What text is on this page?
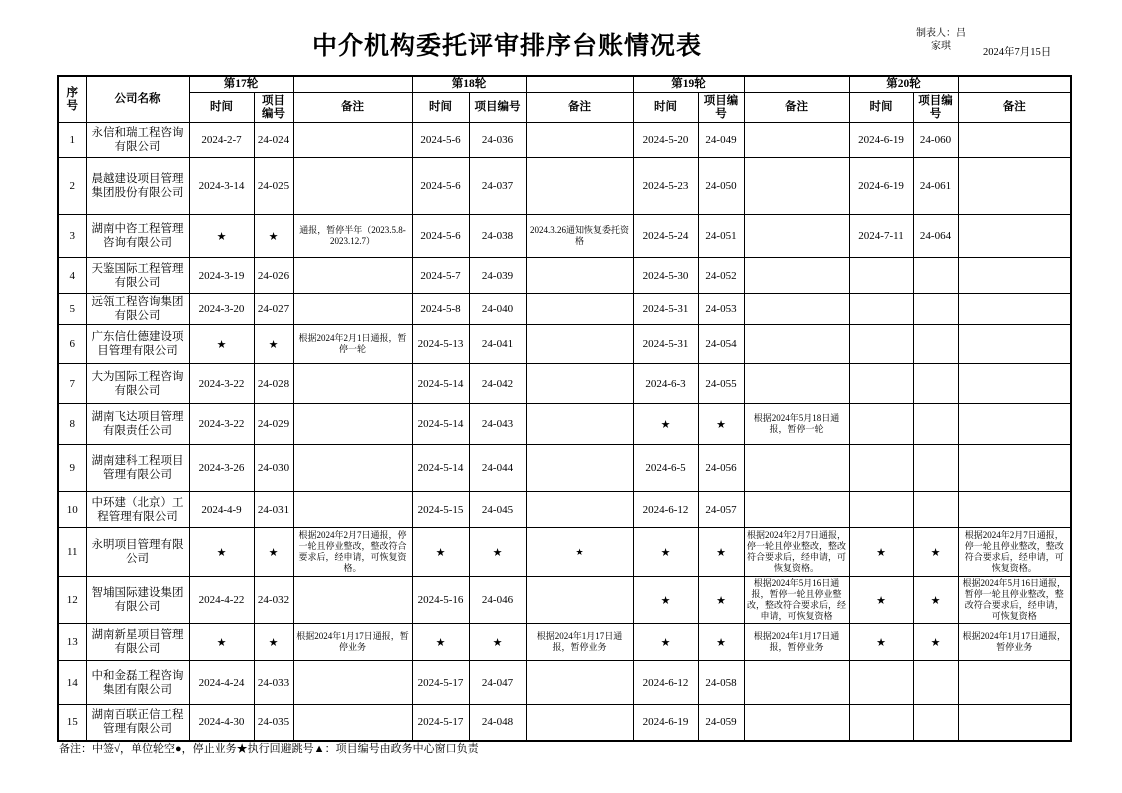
中介机构委托评审排序台账情况表	制表人：吕家琪
2024年7月15日
序号	公司名称	第17轮			第18轮			第19轮			第20轮		
		时间	项目编号	备注	时间	项目编号	备注	时间	项目编号	备注	时间	项目编号	备注
1	永信和瑞工程咨询有限公司	2024-2-7	24-024		2024-5-6	24-036		2024-5-20	24-049		2024-6-19	24-060	
2	晨越建设项目管理集团股份有限公司	2024-3-14	24-025		2024-5-6	24-037		2024-5-23	24-050		2024-6-19	24-061	
3	湖南中咨工程管理咨询有限公司	★	★	通报，暂停半年（2023.5.8-2023.12.7）	2024-5-6	24-038	2024.3.26通知恢复委托资格	2024-5-24	24-051		2024-7-11	24-064	
4	天鉴国际工程管理有限公司	2024-3-19	24-026		2024-5-7	24-039		2024-5-30	24-052				
5	远瓴工程咨询集团有限公司	2024-3-20	24-027		2024-5-8	24-040		2024-5-31	24-053				
6	广东信仕德建设项目管理有限公司	★	★	根据2024年2月1日通报，暂停一轮	2024-5-13	24-041		2024-5-31	24-054				
7	大为国际工程咨询有限公司	2024-3-22	24-028		2024-5-14	24-042		2024-6-3	24-055				
8	湖南飞达项目管理有限责任公司	2024-3-22	24-029		2024-5-14	24-043		★	★	根据2024年5月18日通报，暂停一轮			
9	湖南建科工程项目管理有限公司	2024-3-26	24-030		2024-5-14	24-044		2024-6-5	24-056				
10	中环建（北京）工程管理有限公司	2024-4-9	24-031		2024-5-15	24-045		2024-6-12	24-057				
11	永明项目管理有限公司	★	★	根据2024年2月7日通报，停一轮且停业整改，整改符合要求后，经申请，可恢复资格。	★	★	★	★	★	根据2024年2月7日通报，停一轮且停业整改，整改符合要求后，经申请，可恢复资格。	★	★	根据2024年2月7日通报，停一轮且停业整改，整改符合要求后，经申请，可恢复资格。
12	智埔国际建设集团有限公司	2024-4-22	24-032		2024-5-16	24-046		★	★	根据2024年5月16日通报，暂停一轮且停业整改，整改符合要求后，经申请，可恢复资格	★	★	根据2024年5月16日通报，暂停一轮且停业整改，整改符合要求后，经申请，可恢复资格
13	湖南新星项目管理有限公司	★	★	根据2024年1月17日通报，暂停业务	★	★	根据2024年1月17日通报，暂停业务	★	★	根据2024年1月17日通报，暂停业务	★	★	根据2024年1月17日通报，暂停业务
14	中和金磊工程咨询集团有限公司	2024-4-24	24-033		2024-5-17	24-047		2024-6-12	24-058				
15	湖南百联正信工程管理有限公司	2024-4-30	24-035		2024-5-17	24-048		2024-6-19	24-059				
备注：中签√，单位轮空●，停止业务★执行回避跳号▲：项目编号由政务中心窗口负责
